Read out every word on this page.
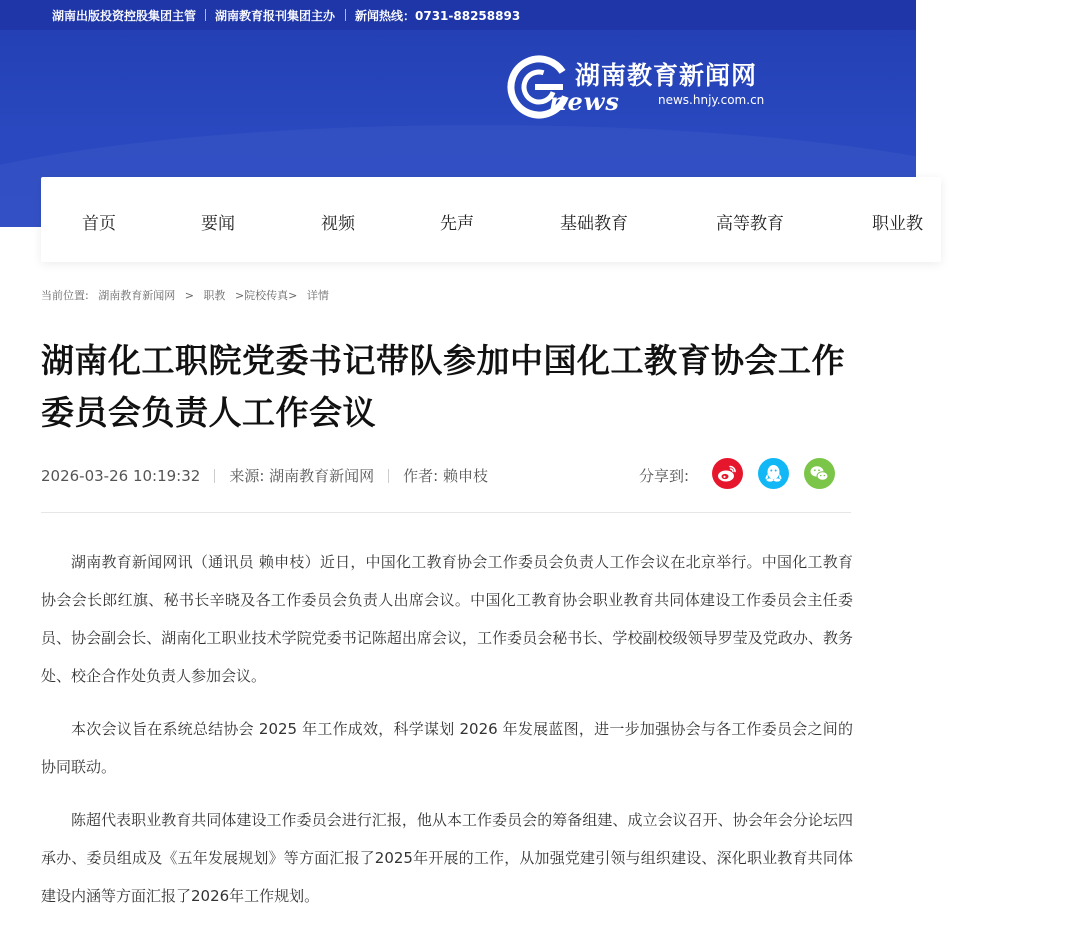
湖南出版投资控股集团主管 湖南教育报刊集团主办 新闻热线：0731-88258893
湖南教育新闻网
news	news.hnjy.com.cn
首页	要闻	视频	先声	基础教育	高等教育	职业教
当前位置: 湖南教育新闻网 > 职教 >院校传真> 详情
湖南化工职院党委书记带队参加中国化工教育协会工作委员会负责人工作会议
2026-03-26 10:19:32 来源: 湖南教育新闻网 作者: 赖申枝	分享到:

湖南教育新闻网讯（通讯员 赖申枝）近日，中国化工教育协会工作委员会负责人工作会议在北京举行。中国化工教育协会会长郎红旗、秘书长辛晓及各工作委员会负责人出席会议。中国化工教育协会职业教育共同体建设工作委员会主任委员、协会副会长、湖南化工职业技术学院党委书记陈超出席会议，工作委员会秘书长、学校副校级领导罗莹及党政办、教务处、校企合作处负责人参加会议。

本次会议旨在系统总结协会 2025 年工作成效，科学谋划 2026 年发展蓝图，进一步加强协会与各工作委员会之间的协同联动。

陈超代表职业教育共同体建设工作委员会进行汇报，他从本工作委员会的筹备组建、成立会议召开、协会年会分论坛四承办、委员组成及《五年发展规划》等方面汇报了2025年开展的工作，从加强党建引领与组织建设、深化职业教育共同体建设内涵等方面汇报了2026年工作规划。
